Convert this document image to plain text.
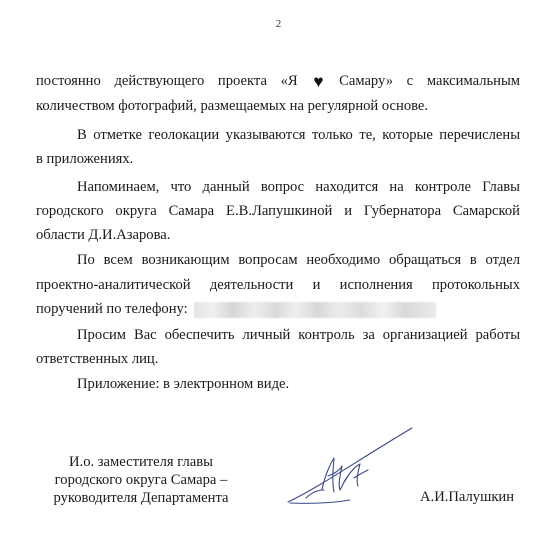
2
постоянно действующего проекта «Я ♥ Самару» с максимальным
количеством фотографий, размещаемых на регулярной основе.
В отметке геолокации указываются только те, которые перечислены
в приложениях.
Напоминаем, что данный вопрос находится на контроле Главы
городского округа Самара Е.В.Лапушкиной и Губернатора Самарской
области Д.И.Азарова.
По всем возникающим вопросам необходимо обращаться в отдел
проектно-аналитической деятельности и исполнения протокольных
поручений по телефону:
Просим Вас обеспечить личный контроль за организацией работы
ответственных лиц.
Приложение: в электронном виде.
И.о. заместителя главы
городского округа Самара –
руководителя Департамента	А.И.Палушкин
